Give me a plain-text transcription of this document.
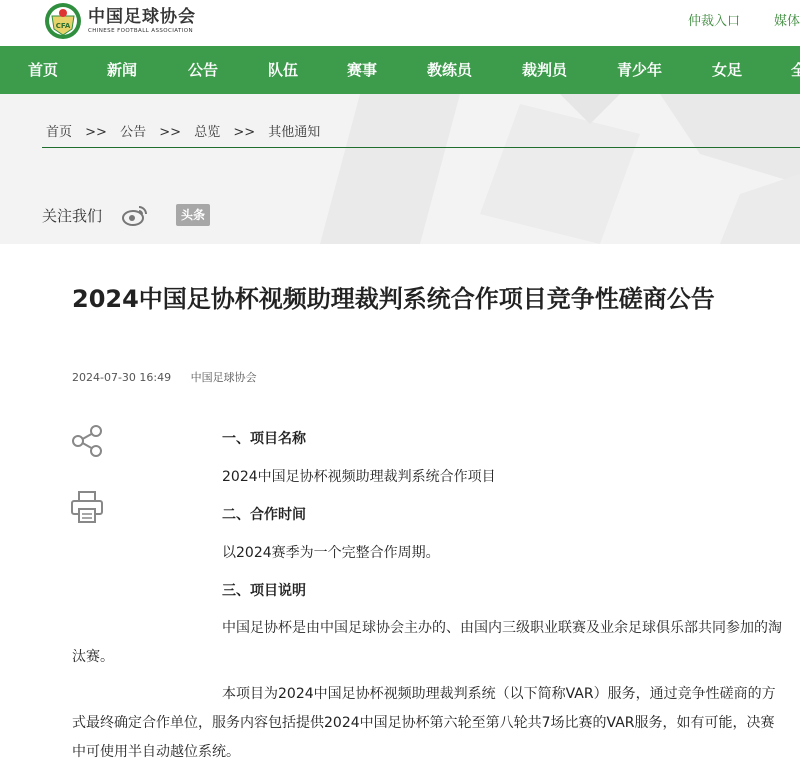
CFA 中国足球协会
CHINESE FOOTBALL ASSOCIATION
仲裁入口	媒体
首页	新闻	公告	队伍	赛事	教练员	裁判员	青少年	女足	全
首页 >> 公告 >> 总览 >> 其他通知
关注我们	头条
2024中国足协杯视频助理裁判系统合作项目竞争性磋商公告
2024-07-30 16:49 中国足球协会
一、项目名称
2024中国足协杯视频助理裁判系统合作项目
二、合作时间
以2024赛季为一个完整合作周期。
三、项目说明
中国足协杯是由中国足球协会主办的、由国内三级职业联赛及业余足球俱乐部共同参加的淘汰赛。
本项目为2024中国足协杯视频助理裁判系统（以下简称VAR）服务，通过竞争性磋商的方式最终确定合作单位，服务内容包括提供2024中国足协杯第六轮至第八轮共7场比赛的VAR服务，如有可能，决赛中可使用半自动越位系统。
